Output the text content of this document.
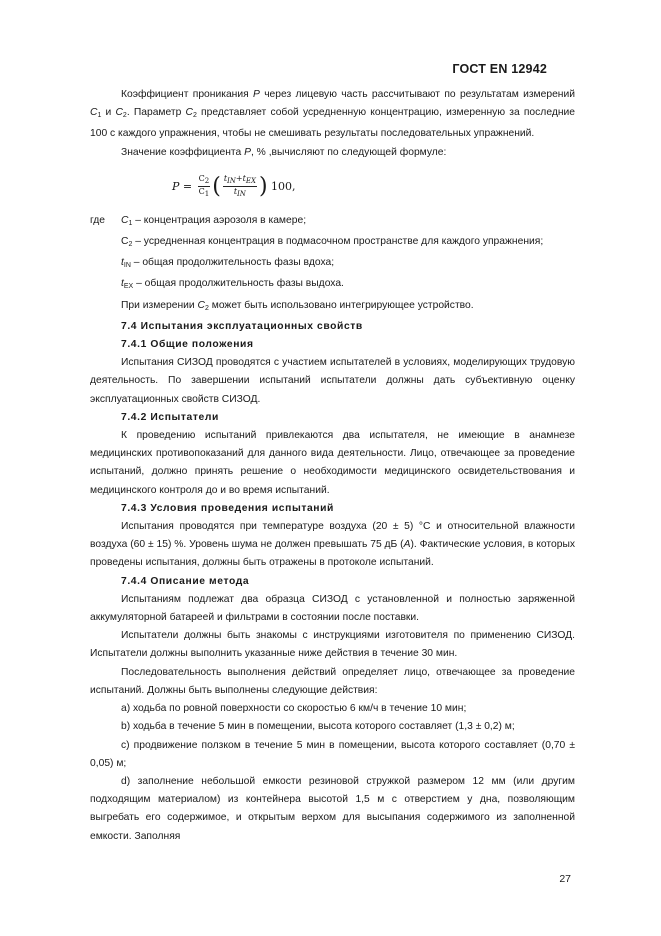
ГОСТ EN 12942

Коэффициент проникания P через лицевую часть рассчитывают по результатам измерений $C_1$ и $C_2$. Параметр $C_2$ представляет собой усредненную концентрацию, измеренную за последние 100 с каждого упражнения, чтобы не смешивать результаты последовательных упражнений.

Значение коэффициента P, % ,вычисляют по следующей формуле:

P
=
$\frac{C2}{C1}$ ( $\frac{\text{tIN+tEX}}{\text{tIN}}$ )
100,
где	$C_1$ – концентрация аэрозоля в камере;

$C_2$ – усредненная концентрация в подмасочном пространстве для каждого упражнения;

$t_{IN}$ – общая продолжительность фазы вдоха;

$t_{EX}$ – общая продолжительность фазы выдоха.

При измерении $C_2$ может быть использовано интегрирующее устройство.

7.4 Испытания эксплуатационных свойств

7.4.1 Общие положения

Испытания СИЗОД проводятся с участием испытателей в условиях, моделирующих трудовую деятельность. По завершении испытаний испытатели должны дать субъективную оценку эксплуатационных свойств СИЗОД.

7.4.2 Испытатели

К проведению испытаний привлекаются два испытателя, не имеющие в анамнезе медицинских противопоказаний для данного вида деятельности. Лицо, отвечающее за проведение испытаний, должно принять решение о необходимости медицинского освидетельствования и медицинского контроля до и во время испытаний.

7.4.3 Условия проведения испытаний

Испытания проводятся при температуре воздуха (20 ± 5) °С и относительной влажности воздуха (60 ± 15) %. Уровень шума не должен превышать 75 дБ (А). Фактические условия, в которых проведены испытания, должны быть отражены в протоколе испытаний.

7.4.4 Описание метода

Испытаниям подлежат два образца СИЗОД с установленной и полностью заряженной аккумуляторной батареей и фильтрами в состоянии после поставки.

Испытатели должны быть знакомы с инструкциями изготовителя по применению СИЗОД. Испытатели должны выполнить указанные ниже действия в течение 30 мин.

Последовательность выполнения действий определяет лицо, отвечающее за проведение испытаний. Должны быть выполнены следующие действия:

а) ходьба по ровной поверхности со скоростью 6 км/ч в течение 10 мин;

b) ходьба в течение 5 мин в помещении, высота которого составляет (1,3 ± 0,2) м;

c) продвижение ползком в течение 5 мин в помещении, высота которого составляет (0,70 ± 0,05) м;

d) заполнение небольшой емкости резиновой стружкой размером 12 мм (или другим подходящим материалом) из контейнера высотой 1,5 м с отверстием у дна, позволяющим выгребать его содержимое, и открытым верхом для высыпания содержимого из заполненной емкости. Заполняя

27
